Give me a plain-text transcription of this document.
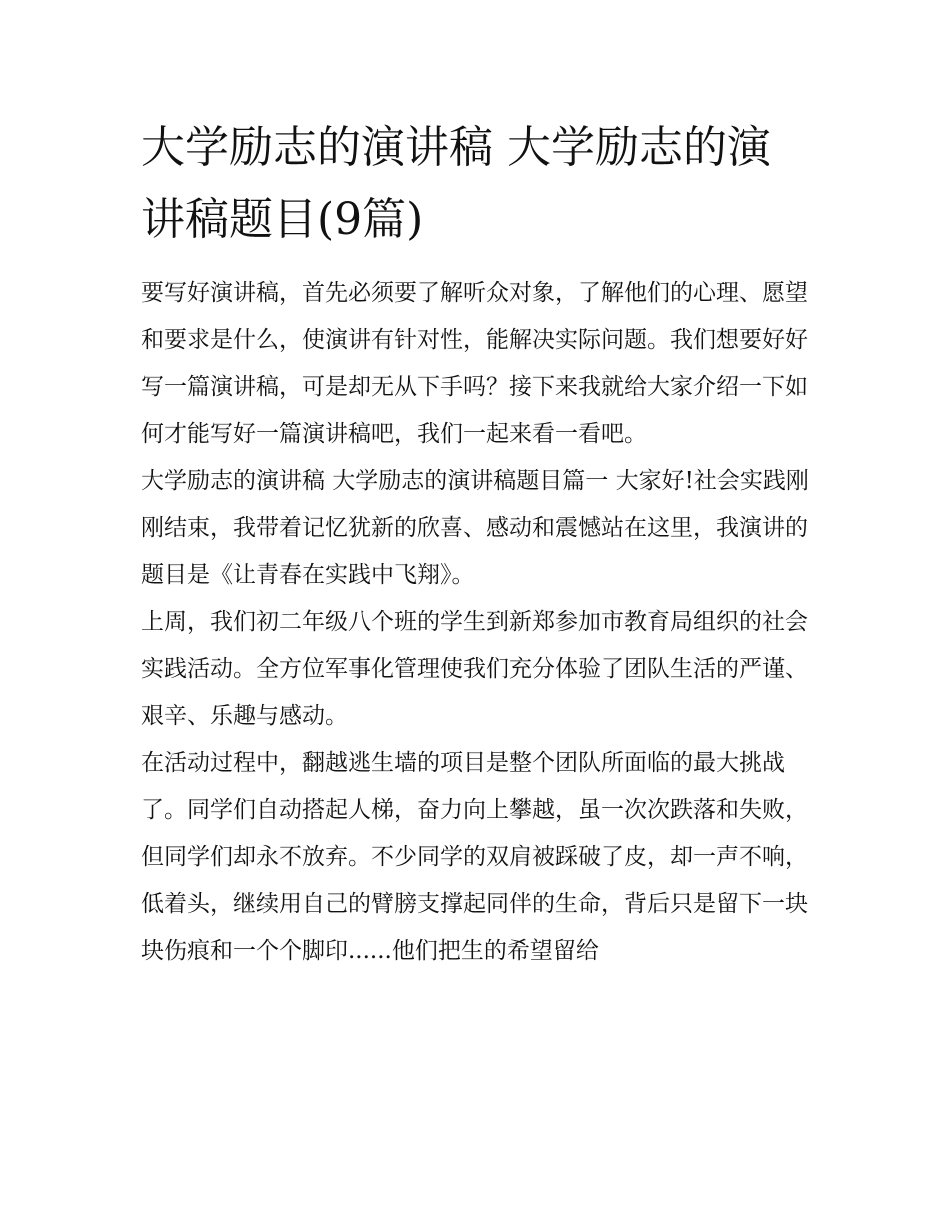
大学励志的演讲稿 大学励志的演讲稿题目(9篇)

要写好演讲稿，首先必须要了解听众对象，了解他们的心理、愿望和要求是什么，使演讲有针对性，能解决实际问题。我们想要好好写一篇演讲稿，可是却无从下手吗？接下来我就给大家介绍一下如何才能写好一篇演讲稿吧，我们一起来看一看吧。

大学励志的演讲稿 大学励志的演讲稿题目篇一 大家好!社会实践刚刚结束，我带着记忆犹新的欣喜、感动和震憾站在这里，我演讲的题目是《让青春在实践中飞翔》。

上周，我们初二年级八个班的学生到新郑参加市教育局组织的社会实践活动。全方位军事化管理使我们充分体验了团队生活的严谨、艰辛、乐趣与感动。

在活动过程中，翻越逃生墙的项目是整个团队所面临的最大挑战了。同学们自动搭起人梯，奋力向上攀越，虽一次次跌落和失败，但同学们却永不放弃。不少同学的双肩被踩破了皮，却一声不响，低着头，继续用自己的臂膀支撑起同伴的生命，背后只是留下一块块伤痕和一个个脚印......他们把生的希望留给
